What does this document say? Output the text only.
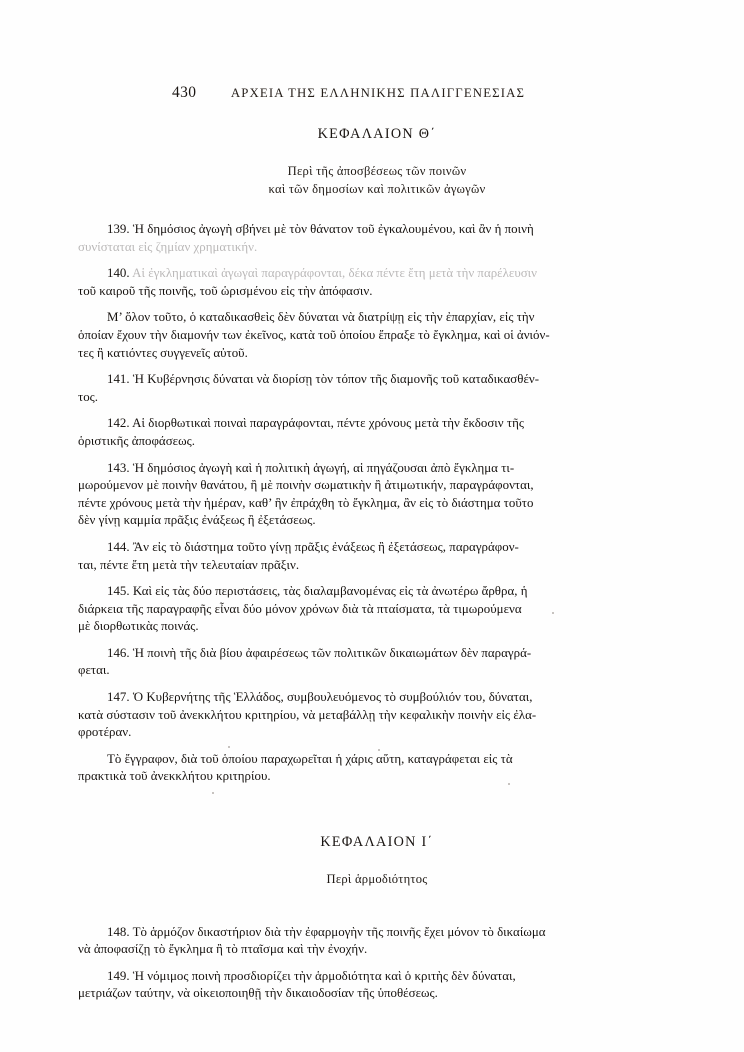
430	ΑΡΧΕΙΑ ΤΗΣ ΕΛΛΗΝΙΚΗΣ ΠΑΛΙΓΓΕΝΕΣΙΑΣ
ΚΕΦΑΛΑΙΟΝ Θ΄
Περὶ τῆς ἀποσβέσεως τῶν ποινῶν
καὶ τῶν δημοσίων καὶ πολιτικῶν ἀγωγῶν
139. Ἡ δημόσιος ἀγωγὴ σβήνει μὲ τὸν θάνατον τοῦ ἐγκαλουμένου, καὶ ἂν ἡ ποινὴ
συνίσταται εἰς ζημίαν χρηματικήν.
140. Αἱ ἐγκληματικαὶ ἀγωγαὶ παραγράφονται, δέκα πέντε ἔτη μετὰ τὴν παρέλευσιν
τοῦ καιροῦ τῆς ποινῆς, τοῦ ὡρισμένου εἰς τὴν ἀπόφασιν.
Μ’ ὅλον τοῦτο, ὁ καταδικασθεὶς δὲν δύναται νὰ διατρίψῃ εἰς τὴν ἐπαρχίαν, εἰς τὴν
ὁποίαν ἔχουν τὴν διαμονήν των ἐκεῖνος, κατὰ τοῦ ὁποίου ἔπραξε τὸ ἔγκλημα, καὶ οἱ ἀνιόν-
τες ἢ κατιόντες συγγενεῖς αὐτοῦ.
141. Ἡ Κυβέρνησις δύναται νὰ διορίσῃ τὸν τόπον τῆς διαμονῆς τοῦ καταδικασθέν-
τος.
142. Αἱ διορθωτικαὶ ποιναὶ παραγράφονται, πέντε χρόνους μετὰ τὴν ἔκδοσιν τῆς
ὁριστικῆς ἀποφάσεως.
143. Ἡ δημόσιος ἀγωγὴ καὶ ἡ πολιτικὴ ἀγωγή, αἱ πηγάζουσαι ἀπὸ ἔγκλημα τι-
μωρούμενον μὲ ποινὴν θανάτου, ἢ μὲ ποινὴν σωματικὴν ἢ ἀτιμωτικήν, παραγράφονται,
πέντε χρόνους μετὰ τὴν ἡμέραν, καθ’ ἣν ἐπράχθη τὸ ἔγκλημα, ἂν εἰς τὸ διάστημα τοῦτο
δὲν γίνῃ καμμία πρᾶξις ἐνάξεως ἢ ἐξετάσεως.
144. Ἂν εἰς τὸ διάστημα τοῦτο γίνῃ πρᾶξις ἐνάξεως ἢ ἐξετάσεως, παραγράφον-
ται, πέντε ἔτη μετὰ τὴν τελευταίαν πρᾶξιν.
145. Καὶ εἰς τὰς δύο περιστάσεις, τὰς διαλαμβανομένας εἰς τὰ ἀνωτέρω ἄρθρα, ἡ
διάρκεια τῆς παραγραφῆς εἶναι δύο μόνον χρόνων διὰ τὰ πταίσματα, τὰ τιμωρούμενα
μὲ διορθωτικὰς ποινάς.
146. Ἡ ποινὴ τῆς διὰ βίου ἀφαιρέσεως τῶν πολιτικῶν δικαιωμάτων δὲν παραγρά-
φεται.
147. Ὁ Κυβερνήτης τῆς Ἑλλάδος, συμβουλευόμενος τὸ συμβούλιόν του, δύναται,
κατὰ σύστασιν τοῦ ἀνεκκλήτου κριτηρίου, νὰ μεταβάλλῃ τὴν κεφαλικὴν ποινὴν εἰς ἐλα-
φροτέραν.
Τὸ ἔγγραφον, διὰ τοῦ ὁποίου παραχωρεῖται ἡ χάρις αὕτη, καταγράφεται εἰς τὰ
πρακτικὰ τοῦ ἀνεκκλήτου κριτηρίου.
ΚΕΦΑΛΑΙΟΝ Ι΄
Περὶ ἁρμοδιότητος
148. Τὸ ἁρμόζον δικαστήριον διὰ τὴν ἐφαρμογὴν τῆς ποινῆς ἔχει μόνον τὸ δικαίωμα
νὰ ἀποφασίζῃ τὸ ἔγκλημα ἢ τὸ πταῖσμα καὶ τὴν ἐνοχήν.
149. Ἡ νόμιμος ποινὴ προσδιορίζει τὴν ἁρμοδιότητα καὶ ὁ κριτὴς δὲν δύναται,
μετριάζων ταύτην, νὰ οἰκειοποιηθῇ τὴν δικαιοδοσίαν τῆς ὑποθέσεως.
